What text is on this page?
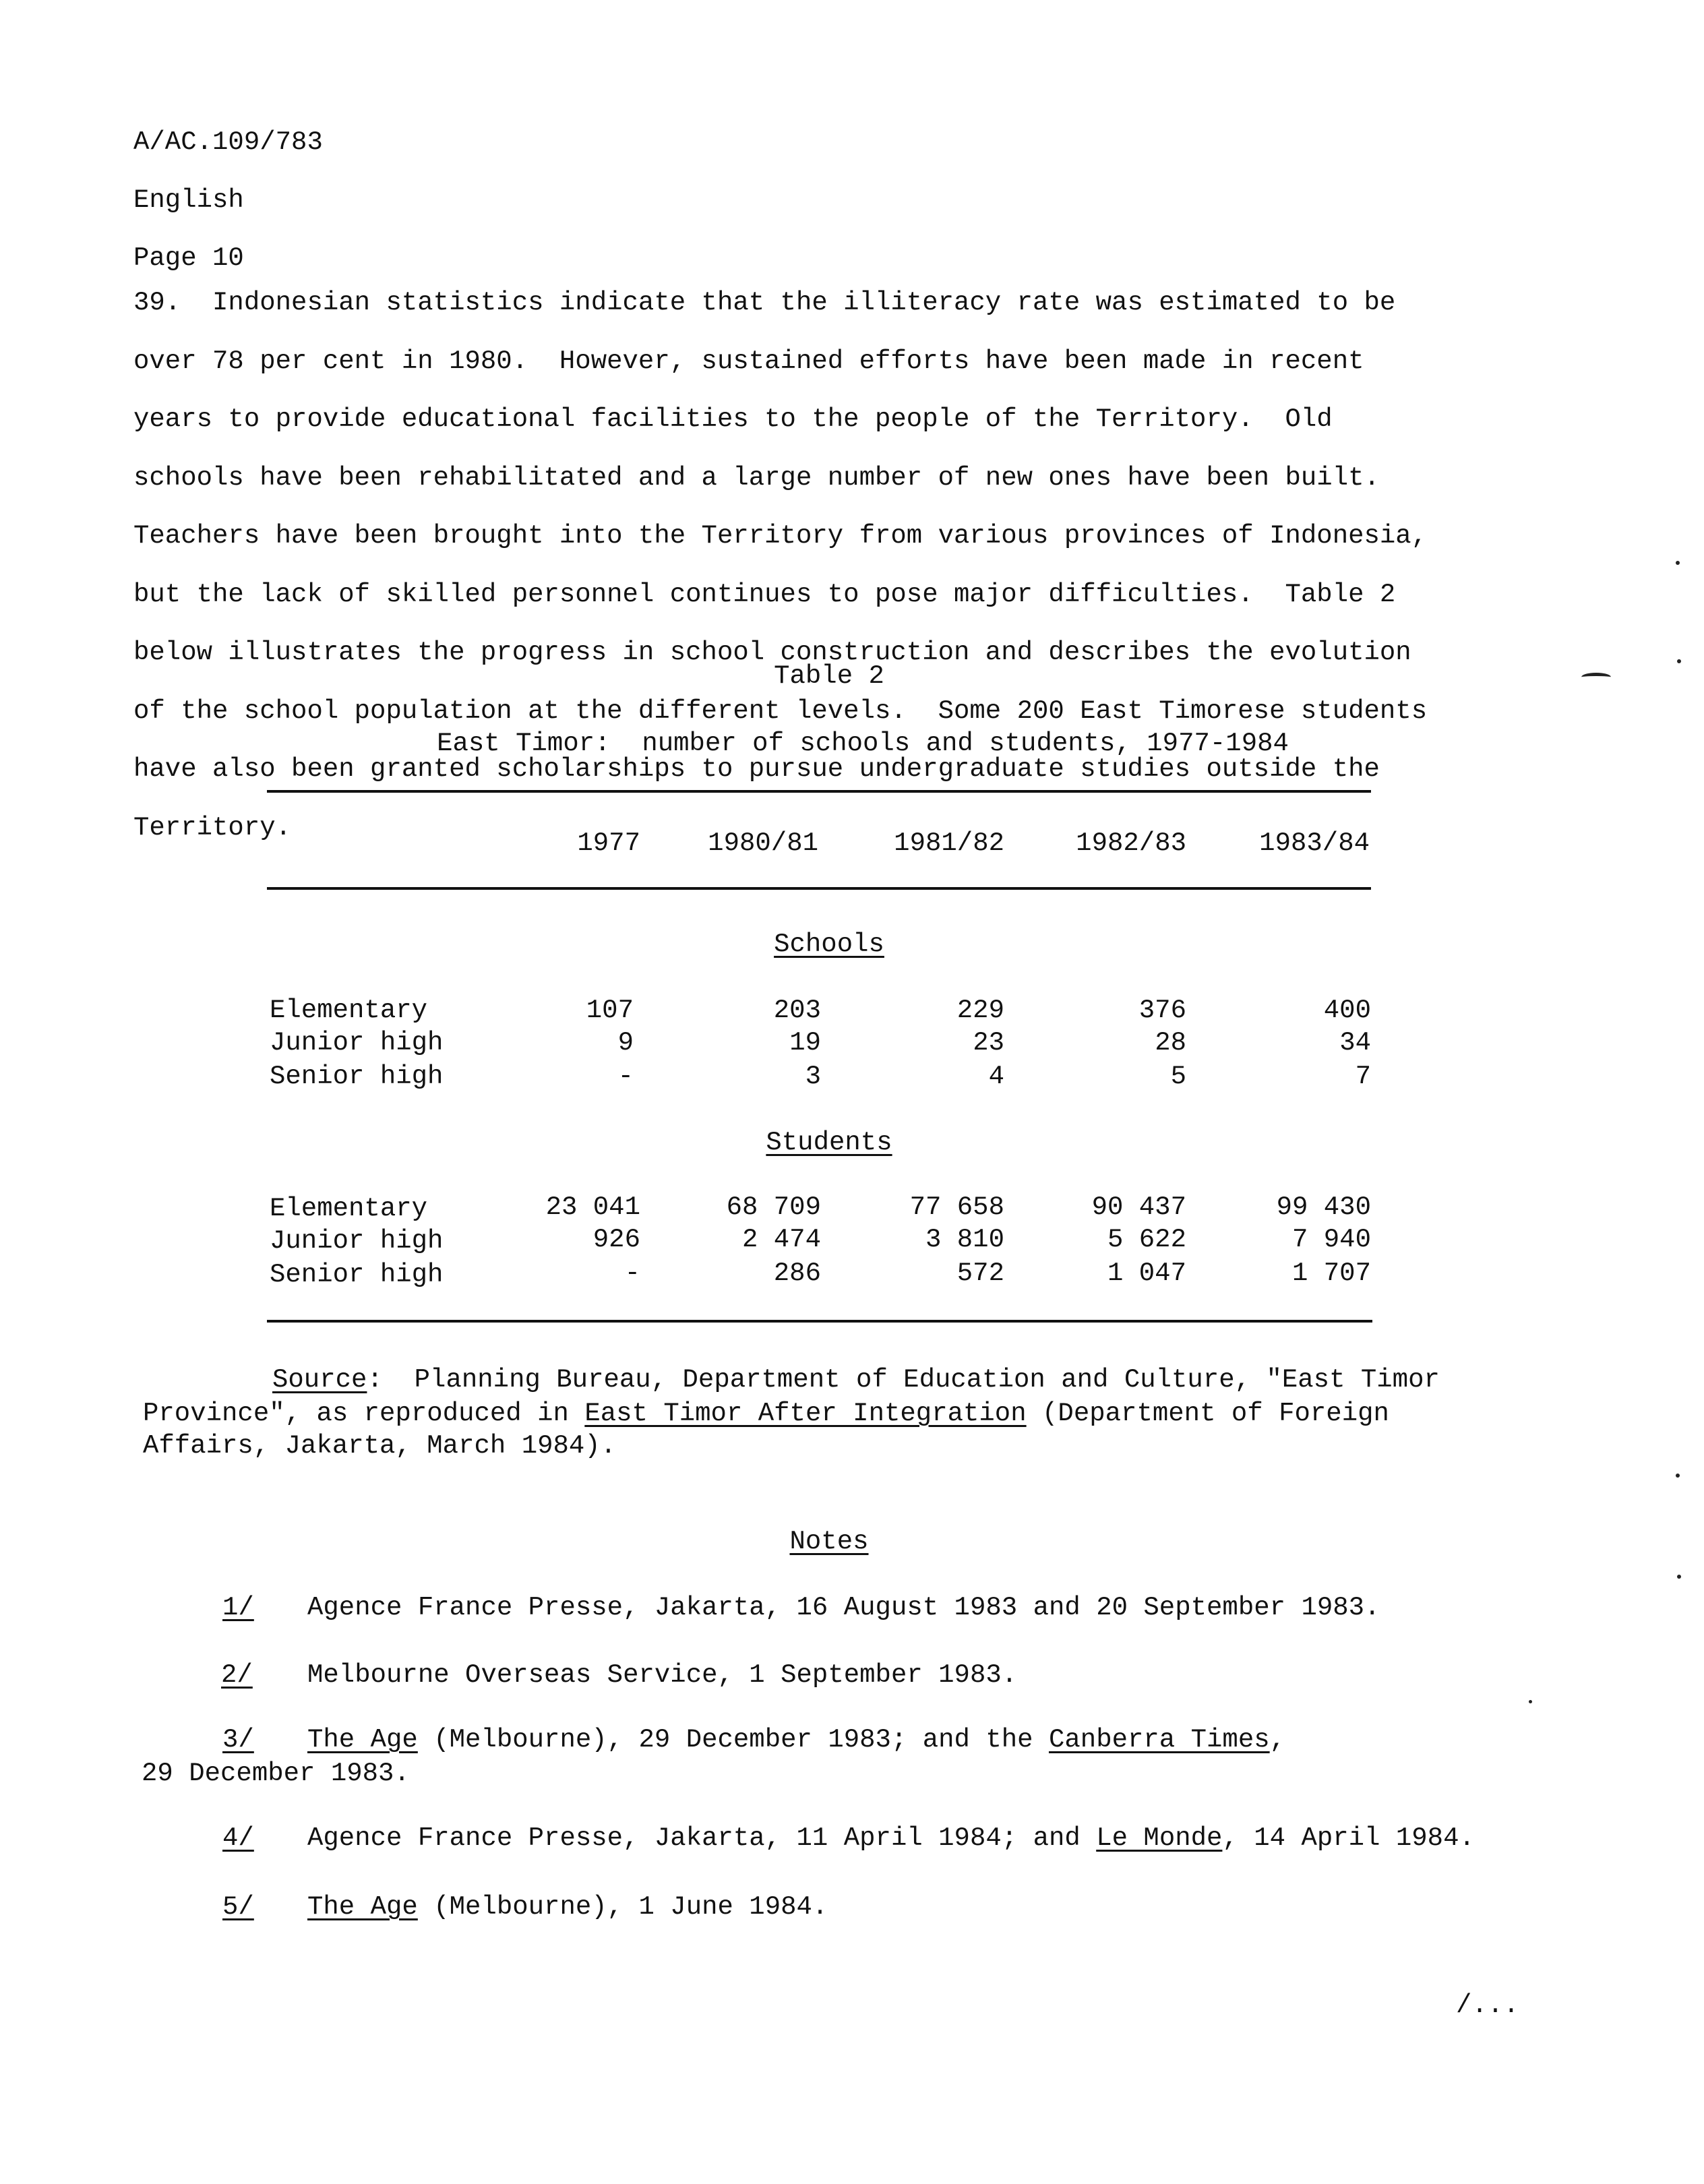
A/AC.109/783

English

Page 10

39.  Indonesian statistics indicate that the illiteracy rate was estimated to be

over 78 per cent in 1980.  However, sustained efforts have been made in recent

years to provide educational facilities to the people of the Territory.  Old

schools have been rehabilitated and a large number of new ones have been built.

Teachers have been brought into the Territory from various provinces of Indonesia,

but the lack of skilled personnel continues to pose major difficulties.  Table 2

below illustrates the progress in school construction and describes the evolution

of the school population at the different levels.  Some 200 East Timorese students

have also been granted scholarships to pursue undergraduate studies outside the

Territory.

Table 2
East Timor:  number of schools and students, 1977-1984
1977	1980/81	1981/82	1982/83	1983/84
Schools
Elementary	107	203	229	376	400
Junior high	9	19	23	28	34
Senior high	-	3	4	5	7
Students
Elementary	23 041	68 709	77 658	90 437	99 430
Junior high	926	2 474	3 810	5 622	7 940
Senior high	-	286	572	1 047	1 707
Source:  Planning Bureau, Department of Education and Culture, "East Timor
Province", as reproduced in East Timor After Integration (Department of Foreign
Affairs, Jakarta, March 1984).
Notes
1/ Agence France Presse, Jakarta, 16 August 1983 and 20 September 1983.
2/ Melbourne Overseas Service, 1 September 1983.
3/ The Age (Melbourne), 29 December 1983; and the Canberra Times,
29 December 1983.
4/ Agence France Presse, Jakarta, 11 April 1984; and Le Monde, 14 April 1984.
5/ The Age (Melbourne), 1 June 1984.
/...
